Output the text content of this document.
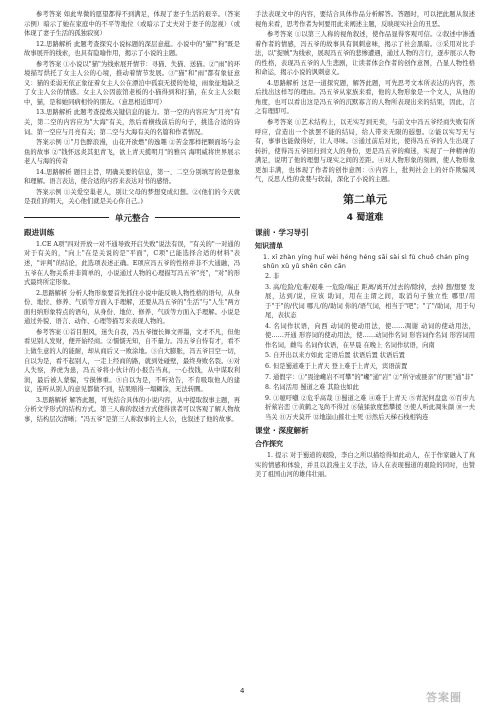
参考答案 如此卑微的愿望都得不到满足，体现了妻子生活的艰辛。（答案示例）暗示了她在家庭中的不平等地位（或暗示了丈夫对于妻子的忽视）（或体现了妻子生活的孤独寂寞）

12.思路解析 此题考查探究小说标题的深层意蕴。小说中的"猫""狗"既是故事展开的线索，也具有隐喻作用，揭示了小说的主题。

参考答案 ①小说以"猫"为线索展开情节：寻猫、失猫、送猫。②"雨"的环境描写烘托了女主人公的心境，推动着情节发展。③"猫"和"雨"都有象征意义：猫的柔弱无依正象征着女主人公在漂泊中孤寂无援的处境，雨象征地缺乏了女主人公的情感。女主人公因旅馆老板的小猫得到和打猫，在女主人公眼中，猫，是和她同病相怜的朋友。（意思相近即可）

13.思路解析 此题考查提炼关键信息的能力。第一空的内容应为"月亮"有关，第二空的内容应为"大海"有关，然后看横线前后的句子，挑选合适的诗词。第一空应与月亮有关；第二空与大海有关的名篇和作者情况。

答案示例 ①"月色醉浪漫，山花开欲燃"的逸趣 ②苦金那样把颗面场与金鱼的故事 ②"钱怀远炎其犯青飞，欲上青天揽明月"的雅兴 海明威将世界展示老人与海的传奇

14.思路解析 题目主旨，明确关要的信息，第一、二空分别填写的是想象和理解。语言表达，使合适的内容来表达对书的感悟。

答案示例 ①关爱空巢老人，别让父母的梦想变成幻想。②(他们的今天就是我们的明天，关心他们就是关心你自己。)

单元整合
跟进训练

1.CE A项"四对开放一对不通导致开启失败"说法有误，"有关的"一对通的对于有关的，"向上"在是关说的是"平面"，C项"已能选择合适的材料"表述，"评判"的结论，此选项表述正确。E项应冯五爷的性格并非不大通融，冯五爷在人物关系并非简单的，小说通过人物的心理描写冯五爷"亮"，"对"的形式最终所定形象。

2.思路解析 分析人物形象要首先抓住小说中能反映人物性格的语句，从身份、地位、修养、气质等方面入手理解，还要从冯五爷的"生活"与"人生"两方面归纳形象特点的语句，从身份、地位、修养、气质等方面入手理解。小说是通过外貌、语言、动作、心理等描写来表现人物的。

参考答案 ①首目胆风，迷失自我，冯五爷擅长舞文弄墨，文才不凡，但他看见别人发财，便开始经商。②懦懦无知，自不量力。冯五爷自恃有才，看不上做生意的人的能耐，却从商后又一败涂地。③自大膨胀，冯五爷目空一切，自以为是，看不起别人，一走上经商的路，就到处碰壁，最终身败名裂。④对人失察，养虎为患，冯五爷将小伙计的小报告当真，一心找钱，从中谋取利润，最后被人蒙骗，亏损惨重。⑤自以为是，不听劝告，不肯吸取他人的建议，连听从别人的意见都做不到，结果赔得一塌糊涂，无法转圜。

3.思路解析 解答此题，可先结合具体的小说内容，从中提取叙事主题，再分析文学形式的结构方式。第三人称的叙述方式使得读者可以客观了解人物故事，结构层次清晰；"冯五爷"是第三人称叙事的主人公，也叙述了他的故事。

手法表现文中的内容，要结合具体作品分析解答。答题时，可以把此题从叙述视角来看，思考作者为何要用此来阐述主题，反映现实社会的丑恶。

参考答案 ①以第三人称的视角叙述，使作品显得客观可信。②叙述中渗透着作者的情感，冯五爷的故事具有讽刺意味，揭示了社会黑暗。③采用对比手法，以"捉贼"为线索，展现冯五爷的悲惨遭遇，通过人物的言行，逐步展示人物的性格，表现冯五爷的人生悲剧，让读者体会作者的创作意图，凸显人物性格和命运，揭示小说的讽刺意义。

4.思路解析 这是一道探究题，解答此题，可先思考文本所表达的内容，然后找出这样写的理由。冯五爷从家族来看，他的人物形象是一个文人，从他的角度，也可以看出这是冯五爷的沉默寡言的人物所表现出来的结果，因此，言之有理即可。

参考答案 ①艺术结构上，以无实写到无卖，与前文中冯五爷经商失败有所呼应，营造出一个欲罢不能的结局，给人带来无限的遐想。②能以实写无与有，事事也能做得好，让人寻味。③通过前后对比，使得冯五爷的人生出现了转折，使得冯五爷回归到文人的身份，更是冯五爷的痴迷，实现了一种精神的满足，说明了他的理想与现实之间的差距。④对人物形象的刻画，使人物形象更加丰满，也体现了作者的创作意图：⑤内容上，批判社会上的奸诈欺骗风气，反思人性的贪婪与软弱，深化了小说的主题。

第二单元
4 蜀道难
课前 · 学习导引
知识清单
1. xī zhàn yíng huī wèi héng héng sāi sài sì fú chuō chán pīng shǔn xǔ yǔ shēn cēn cān

2. 非

3. 高/危险/危难/艰难 一危险/端正 距离/离开/过去的/除掉，去掉 想/想要 发展，达到/说，应该 助词，用在主谓之间，取消句子独立性 哪里/用于"于"的/代词 哪儿/的/助词 你的/语气词，相当于"吧"；"了"/助词，用于句尾，表状态

4. 名词作状语，向西 动词的使动用法，使……凋谢 动词的使动用法，使……开通 形容词的使动用法，使……动词作名词 形容词作名词 形容词用作名词，雌鸟 名词作状语，在早晨 在晚上 名词作状语，向南

5. 自开出以来方如此 定语后置 状语后置 状语后置

6. 但是蜀道难于上青天 登上难于上青天，宾语前置

7. 通假字：①"畏途巉岩不可攀"的"巉"通"岩" ②"所守或匪亲"的"匪"通"非"

8. 名词活用 蜀道之难 其险也如此

9. ①噫吁嚱 ②危乎高哉 ③蜀道之难 ④难于上青天 ⑤青泥何盘盘 ⑥百步九折萦岩峦 ⑦黄鹤之飞尚不得过 ⑧猿猱欲度愁攀援 ⑨使人听此凋朱颜 ⑩一夫当关 ⑪万夫莫开 ⑫地崩山摧壮士死 ⑬然后天梯石栈相钩连

课堂 · 深度解析
合作探究

1. 提示 对于蜀道的艰险，李白之所以描绘得如此动人，在于作家融入了真实的情感和体验，并且以浪漫主义手法，诗人在表现蜀道的艰险的同时，也赞美了祖国山河的雄伟壮丽。

4	答案圈
